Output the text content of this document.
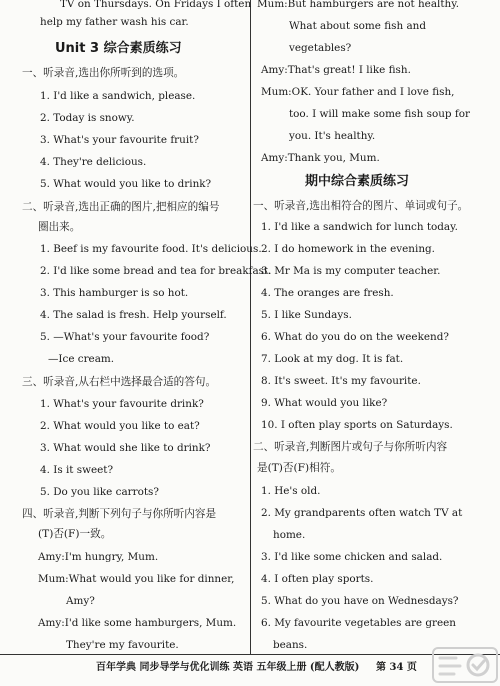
TV on Thursdays. On Fridays I often
help my father wash his car.
Unit 3 综合素质练习
一、听录音,选出你所听到的选项。
1. I'd like a sandwich, please.
2. Today is snowy.
3. What's your favourite fruit?
4. They're delicious.
5. What would you like to drink?
二、听录音,选出正确的图片,把相应的编号
圈出来。
1. Beef is my favourite food. It's delicious.
2. I'd like some bread and tea for breakfast.
3. This hamburger is so hot.
4. The salad is fresh. Help yourself.
5. —What's your favourite food?
—Ice cream.
三、听录音,从右栏中选择最合适的答句。
1. What's your favourite drink?
2. What would you like to eat?
3. What would she like to drink?
4. Is it sweet?
5. Do you like carrots?
四、听录音,判断下列句子与你所听内容是
(T)否(F)一致。
Amy:I'm hungry, Mum.
Mum:What would you like for dinner,
Amy?
Amy:I'd like some hamburgers, Mum.
They're my favourite.
Mum:But hamburgers are not healthy.
What about some fish and
vegetables?
Amy:That's great! I like fish.
Mum:OK. Your father and I love fish,
too. I will make some fish soup for
you. It's healthy.
Amy:Thank you, Mum.
期中综合素质练习
一、听录音,选出相符合的图片、单词或句子。
1. I'd like a sandwich for lunch today.
2. I do homework in the evening.
3. Mr Ma is my computer teacher.
4. The oranges are fresh.
5. I like Sundays.
6. What do you do on the weekend?
7. Look at my dog. It is fat.
8. It's sweet. It's my favourite.
9. What would you like?
10. I often play sports on Saturdays.
二、听录音,判断图片或句子与你所听内容
是(T)否(F)相符。
1. He's old.
2. My grandparents often watch TV at
home.
3. I'd like some chicken and salad.
4. I often play sports.
5. What do you have on Wednesdays?
6. My favourite vegetables are green
beans.
百年学典 同步导学与优化训练 英语 五年级上册 (配人教版) 第 34 页
